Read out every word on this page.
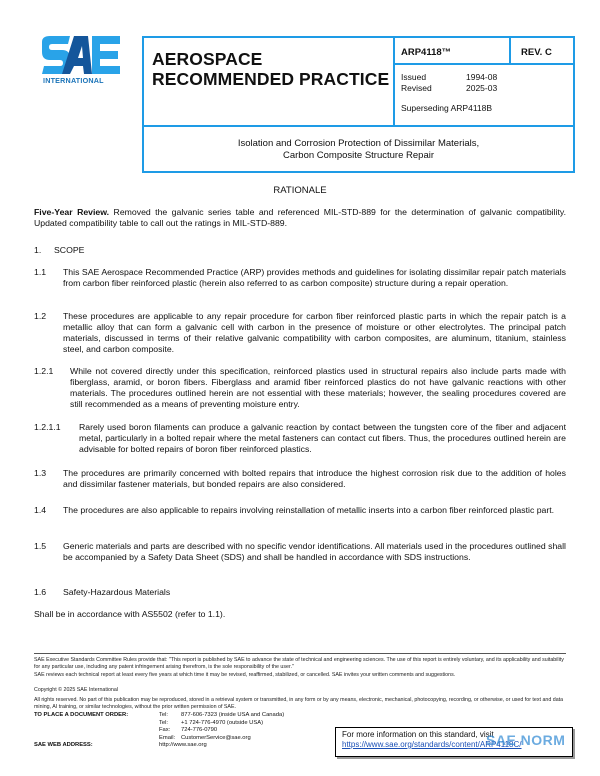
INTERNATIONAL
AEROSPACE
RECOMMENDED PRACTICE
ARP4118™	REV. C
Issued	1994-08
Revised	2025-03
Superseding ARP4118B
Isolation and Corrosion Protection of Dissimilar Materials,
Carbon Composite Structure Repair
RATIONALE
Five-Year Review. Removed the galvanic series table and referenced MIL-STD-889 for the determination of galvanic compatibility. Updated compatibility table to call out the ratings in MIL-STD-889.
1. SCOPE
1.1 This SAE Aerospace Recommended Practice (ARP) provides methods and guidelines for isolating dissimilar repair patch materials from carbon fiber reinforced plastic (herein also referred to as carbon composite) structure during a repair operation.
1.2 These procedures are applicable to any repair procedure for carbon fiber reinforced plastic parts in which the repair patch is a metallic alloy that can form a galvanic cell with carbon in the presence of moisture or other electrolytes. The principal patch materials, discussed in terms of their relative galvanic compatibility with carbon composites, are aluminum, titanium, stainless steel, and carbon composite.
1.2.1 While not covered directly under this specification, reinforced plastics used in structural repairs also include parts made with fiberglass, aramid, or boron fibers. Fiberglass and aramid fiber reinforced plastics do not have galvanic reactions with other materials. The procedures outlined herein are not essential with these materials; however, the sealing procedures covered are still recommended as a means of preventing moisture entry.
1.2.1.1 Rarely used boron filaments can produce a galvanic reaction by contact between the tungsten core of the fiber and adjacent metal, particularly in a bolted repair where the metal fasteners can contact cut fibers. Thus, the procedures outlined herein are advisable for bolted repairs of boron fiber reinforced plastics.
1.3 The procedures are primarily concerned with bolted repairs that introduce the highest corrosion risk due to the addition of holes and dissimilar fastener materials, but bonded repairs are also considered.
1.4 The procedures are also applicable to repairs involving reinstallation of metallic inserts into a carbon fiber reinforced plastic part.
1.5 Generic materials and parts are described with no specific vendor identifications. All materials used in the procedures outlined shall be accompanied by a Safety Data Sheet (SDS) and shall be handled in accordance with SDS instructions.
1.6 Safety-Hazardous Materials
Shall be in accordance with AS5502 (refer to 1.1).
SAE Executive Standards Committee Rules provide that: "This report is published by SAE to advance the state of technical and engineering sciences. The use of this report is entirely voluntary, and its applicability and suitability for any particular use, including any patent infringement arising therefrom, is the sole responsibility of the user."
SAE reviews each technical report at least every five years at which time it may be revised, reaffirmed, stabilized, or cancelled. SAE invites your written comments and suggestions.
Copyright © 2025 SAE International
All rights reserved. No part of this publication may be reproduced, stored in a retrieval system or transmitted, in any form or by any means, electronic, mechanical, photocopying, recording, or otherwise, or used for text and data mining, AI training, or similar technologies, without the prior written permission of SAE.
TO PLACE A DOCUMENT ORDER:	Tel: 877-606-7323 (inside USA and Canada)
Tel: +1 724-776-4970 (outside USA)
Fax: 724-776-0790
Email: CustomerService@sae.org
SAE WEB ADDRESS:	http://www.sae.org
For more information on this standard, visit
https://www.sae.org/standards/content/ARP4118C/
SAE NORM
